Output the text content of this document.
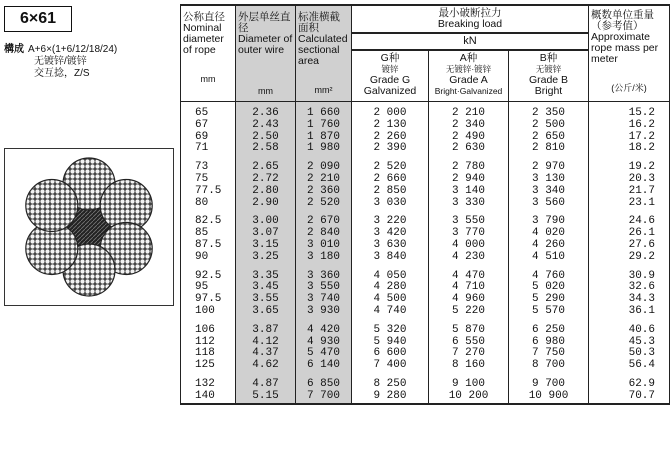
6×61
構成 A+6×(1+6/12/18/24)
无镀锌/镀锌
交互捻，Z/S
公称直径
Nominal diameter of rope
mm	外层单丝直径
Diameter of outer wire
mm	标准横截面积
Calculated sectional area
mm²	最小破断拉力
Breaking load			概数单位重量（参考值）
Approximate rope mass per meter
(公斤/米)

			kN			
			G种
镀锌
Grade G
Galvanized	A种
无镀锌·镀锌
Grade A
Bright·Galvanized	B种
无镀锌
Grade B
Bright	
65	2.36	1 660	2 000	2 210	2 350	15.2
67	2.43	1 760	2 130	2 340	2 500	16.2
69	2.50	1 870	2 260	2 490	2 650	17.2
71	2.58	1 980	2 390	2 630	2 810	18.2
73	2.65	2 090	2 520	2 780	2 970	19.2
75	2.72	2 210	2 660	2 940	3 130	20.3
77.5	2.80	2 360	2 850	3 140	3 340	21.7
80	2.90	2 520	3 030	3 330	3 560	23.1
82.5	3.00	2 670	3 220	3 550	3 790	24.6
85	3.07	2 840	3 420	3 770	4 020	26.1
87.5	3.15	3 010	3 630	4 000	4 260	27.6
90	3.25	3 180	3 840	4 230	4 510	29.2
92.5	3.35	3 360	4 050	4 470	4 760	30.9
95	3.45	3 550	4 280	4 710	5 020	32.6
97.5	3.55	3 740	4 500	4 960	5 290	34.3
100	3.65	3 930	4 740	5 220	5 570	36.1
106	3.87	4 420	5 320	5 870	6 250	40.6
112	4.12	4 930	5 940	6 550	6 980	45.3
118	4.37	5 470	6 600	7 270	7 750	50.3
125	4.62	6 140	7 400	8 160	8 700	56.4
132	4.87	6 850	8 250	9 100	9 700	62.9
140	5.15	7 700	9 280	10 200	10 900	70.7
